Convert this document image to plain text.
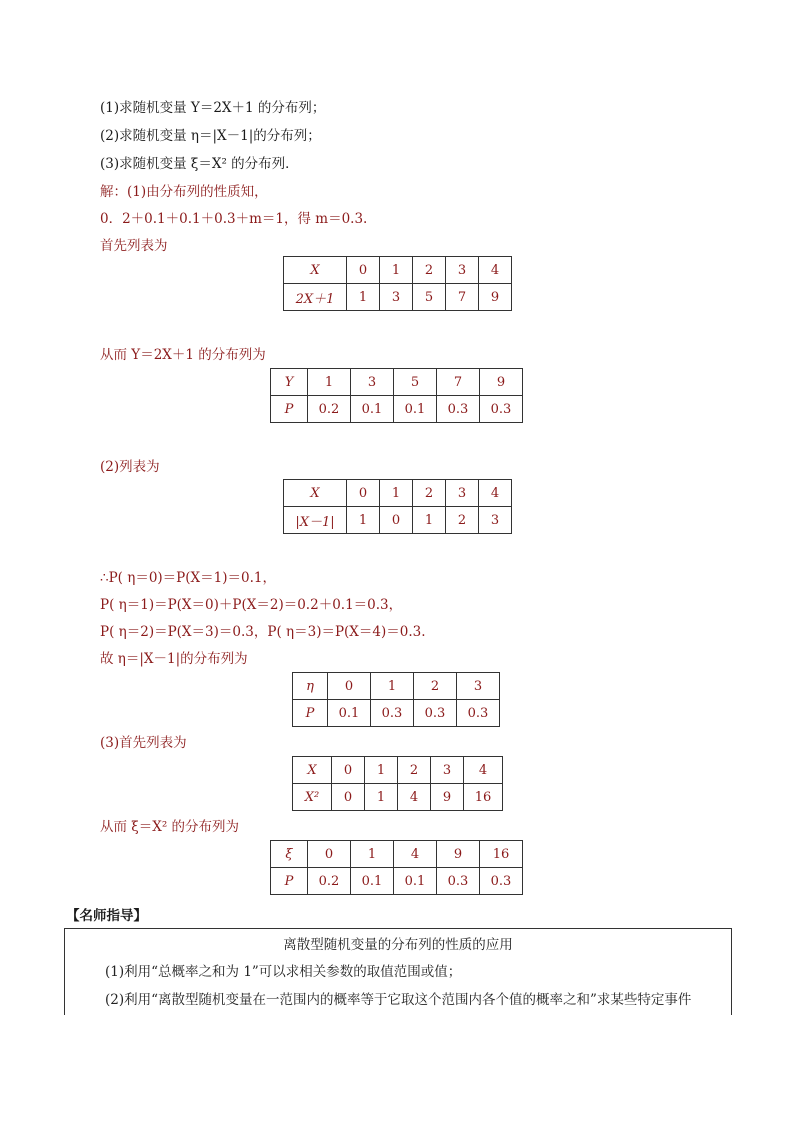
(1)求随机变量 Y＝2X＋1 的分布列；
(2)求随机变量 η＝|X－1|的分布列；
(3)求随机变量 ξ＝X² 的分布列．
解：(1)由分布列的性质知，
0．2＋0.1＋0.1＋0.3＋m＝1，得 m＝0.3.
首先列表为
X	0	1	2	3	4
2X＋1	1	3	5	7	9
从而 Y＝2X＋1 的分布列为
Y	1	3	5	7	9
P	0.2	0.1	0.1	0.3	0.3
(2)列表为
X	0	1	2	3	4
|X－1|	1	0	1	2	3
∴P( η＝0)＝P(X＝1)＝0.1，
P( η＝1)＝P(X＝0)＋P(X＝2)＝0.2＋0.1＝0.3，
P( η＝2)＝P(X＝3)＝0.3，P( η＝3)＝P(X＝4)＝0.3.
故 η＝|X－1|的分布列为
η	0	1	2	3
P	0.1	0.3	0.3	0.3
(3)首先列表为
X	0	1	2	3	4
X²	0	1	4	9	16
从而 ξ＝X² 的分布列为
ξ	0	1	4	9	16
P	0.2	0.1	0.1	0.3	0.3
【名师指导】
离散型随机变量的分布列的性质的应用
(1)利用“总概率之和为 1”可以求相关参数的取值范围或值；
(2)利用“离散型随机变量在一范围内的概率等于它取这个范围内各个值的概率之和”求某些特定事件
